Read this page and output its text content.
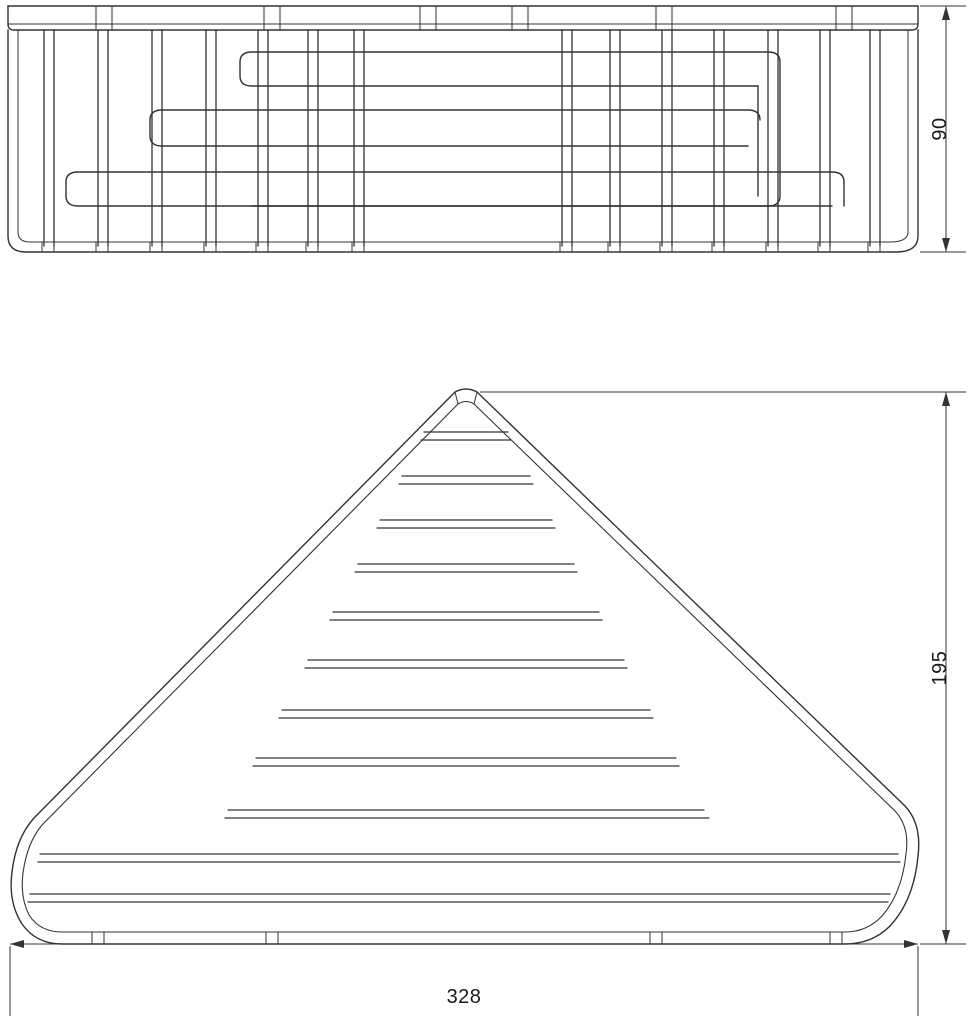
90
195
328
